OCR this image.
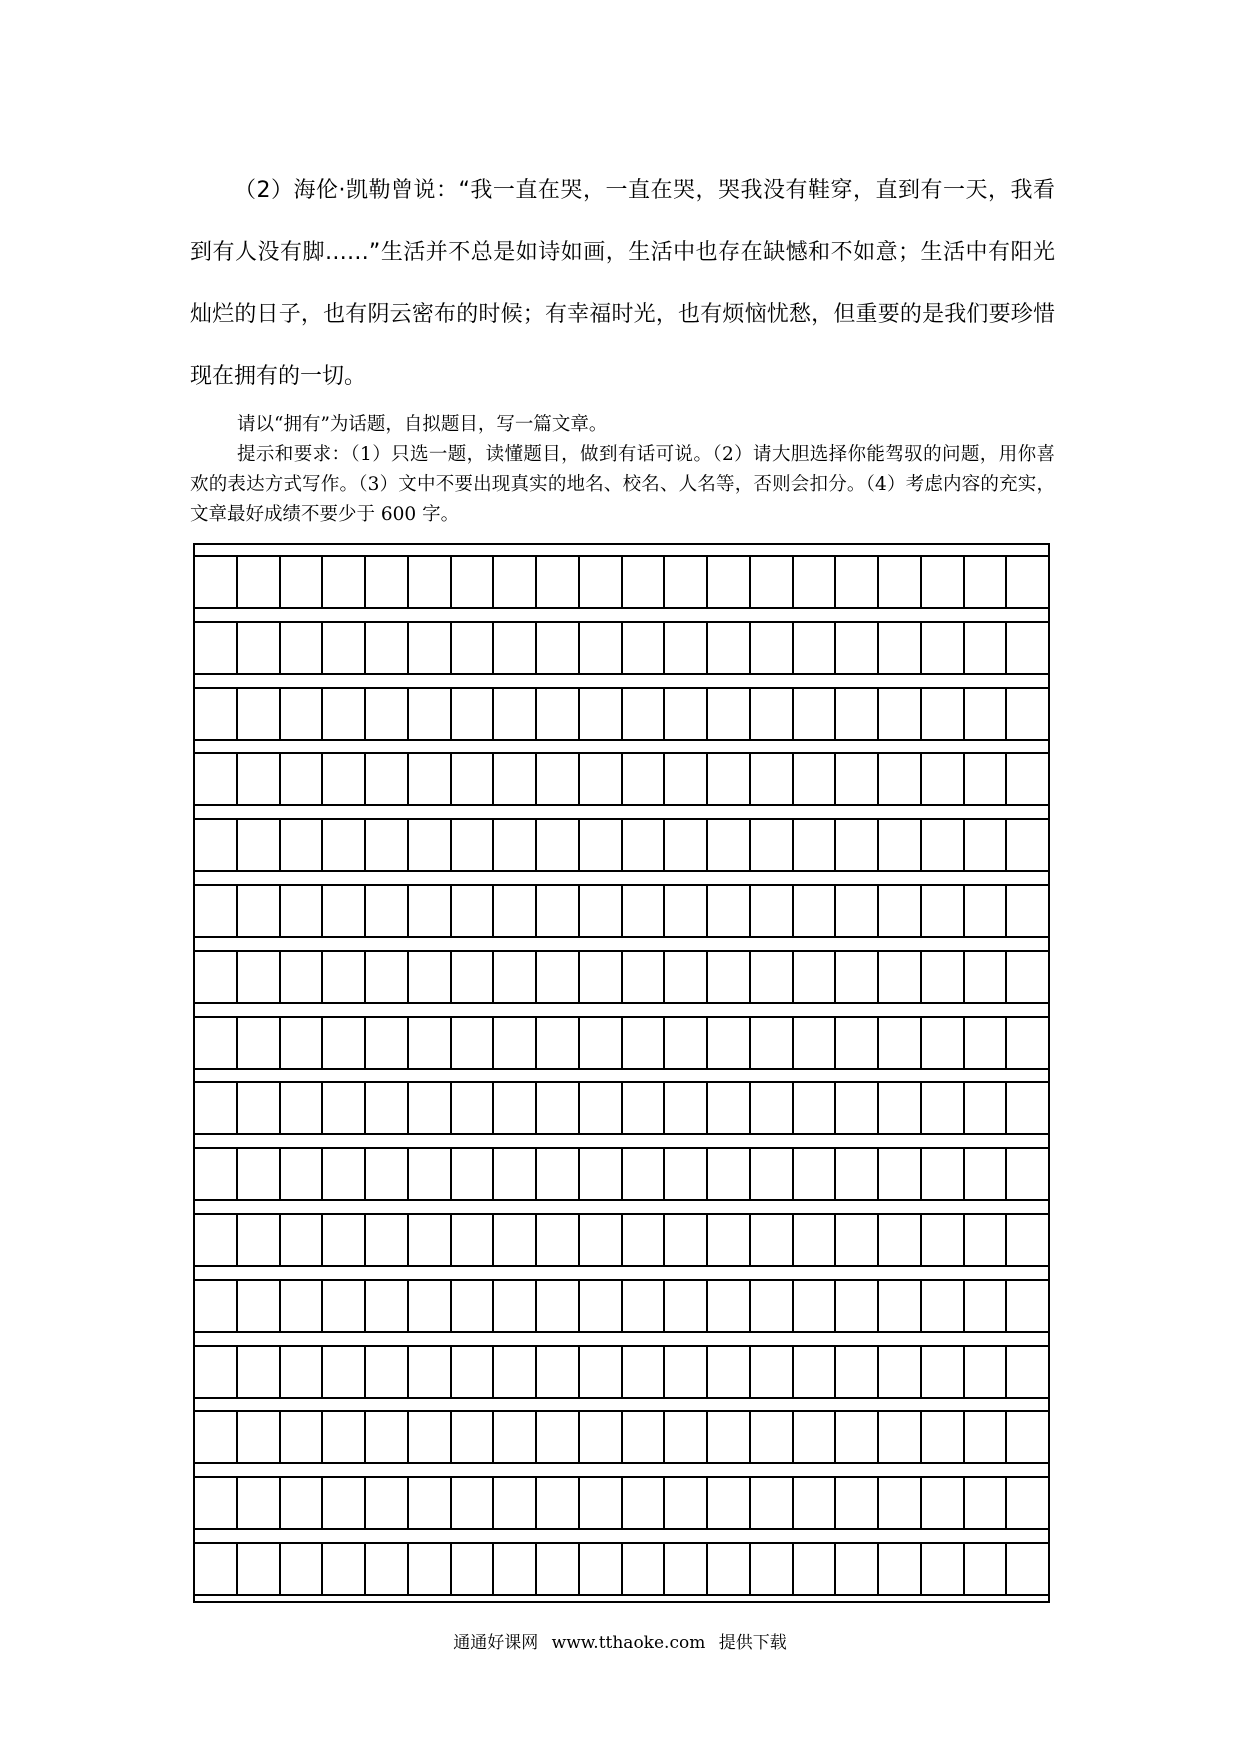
（2）海伦·凯勒曾说：“我一直在哭，一直在哭，哭我没有鞋穿，直到有一天，我看到有人没有脚……”生活并不总是如诗如画，生活中也存在缺憾和不如意；生活中有阳光灿烂的日子，也有阴云密布的时候；有幸福时光，也有烦恼忧愁，但重要的是我们要珍惜现在拥有的一切。

请以“拥有”为话题，自拟题目，写一篇文章。

提示和要求：（1）只选一题，读懂题目，做到有话可说。（2）请大胆选择你能驾驭的问题，用你喜欢的表达方式写作。（3）文中不要出现真实的地名、校名、人名等，否则会扣分。（4）考虑内容的充实，文章最好成绩不要少于 600 字。

通通好课网 www.tthaoke.com 提供下载
